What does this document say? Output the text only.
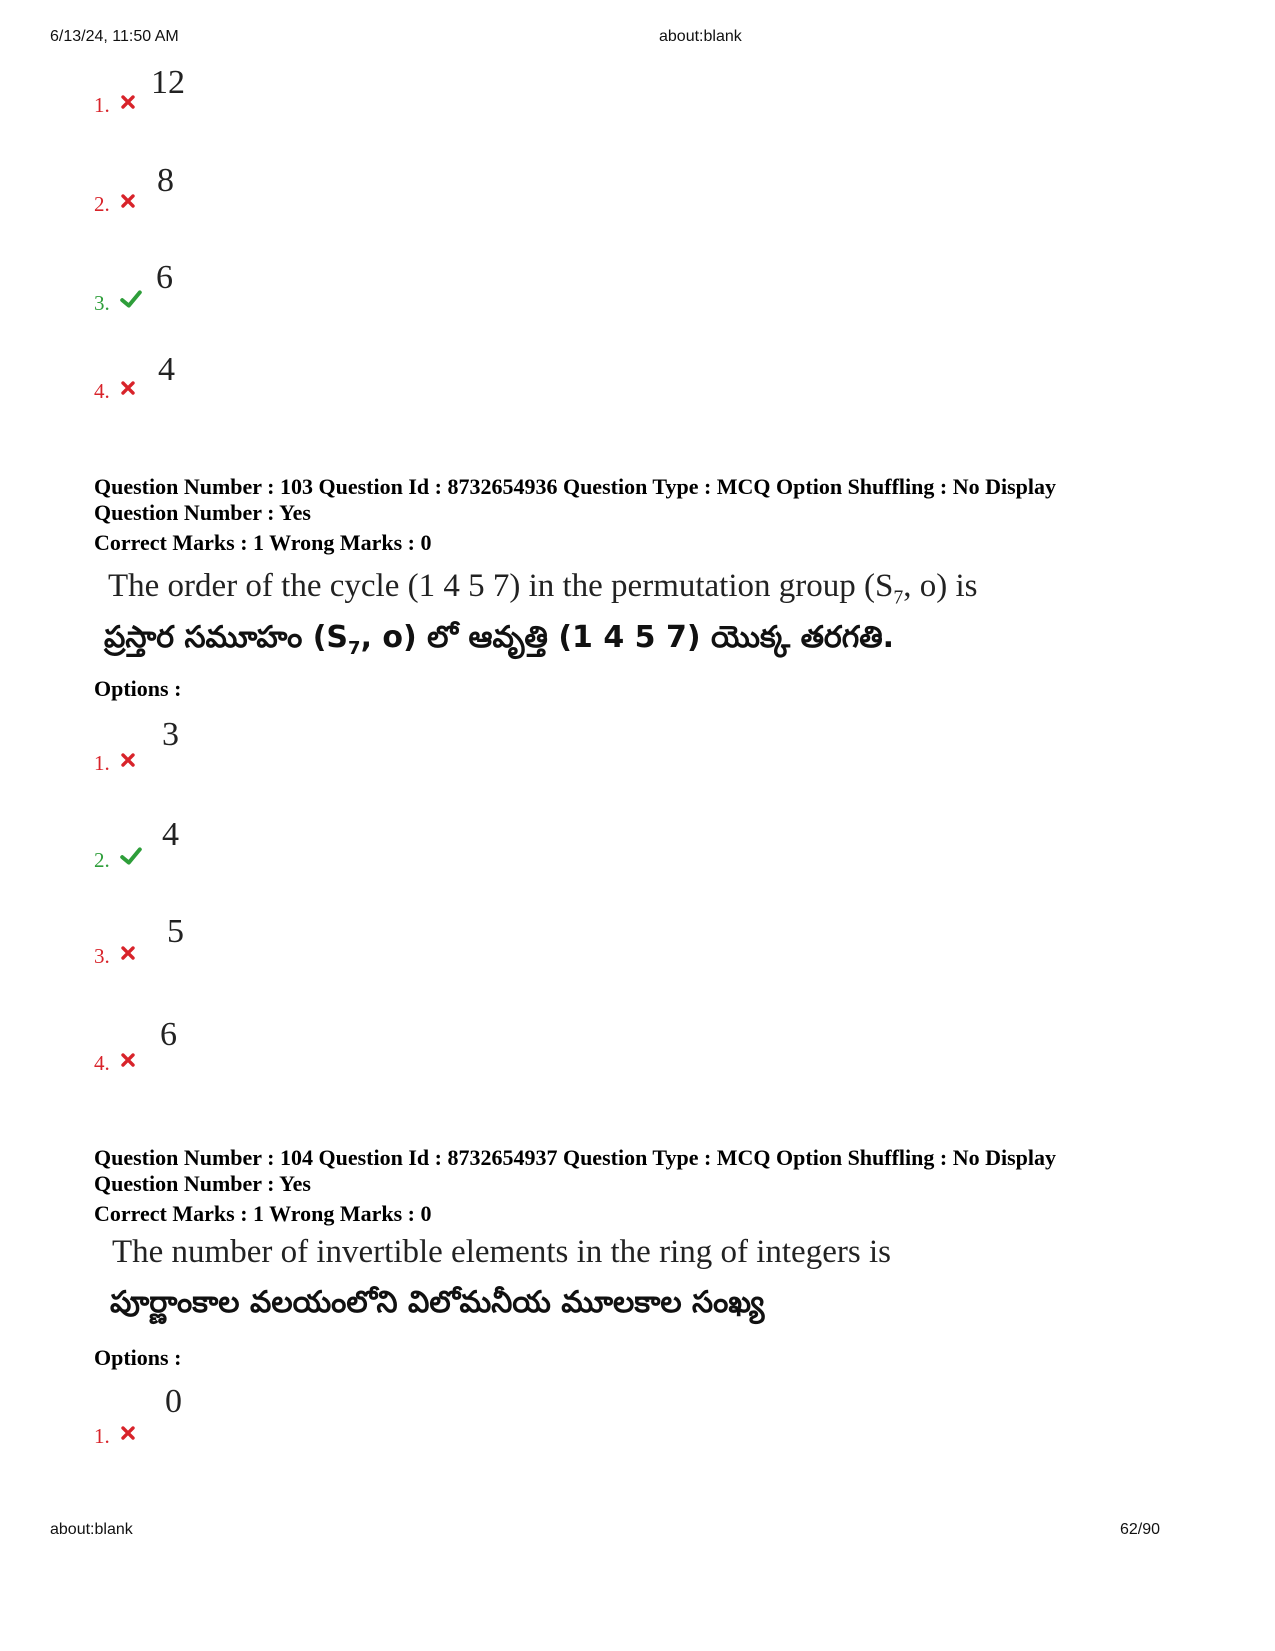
6/13/24, 11:50 AM	about:blank
1.
12
2.
8
3.
6
4.
4
Question Number : 103 Question Id : 8732654936 Question Type : MCQ Option Shuffling : No Display
Question Number : Yes
Correct Marks : 1 Wrong Marks : 0
The order of the cycle (1 4 5 7) in the permutation group ($S_7$, o) is
ప్రస్తార సమూహం ($S_7$, o) లో ఆవృత్తి (1 4 5 7) యొక్క తరగతి.
Options :
1.
3
2.
4
3.
5
4.
6
Question Number : 104 Question Id : 8732654937 Question Type : MCQ Option Shuffling : No Display
Question Number : Yes
Correct Marks : 1 Wrong Marks : 0
The number of invertible elements in the ring of integers is
పూర్ణాంకాల వలయంలోని విలోమనీయ మూలకాల సంఖ్య
Options :
1.
0
about:blank	62/90
